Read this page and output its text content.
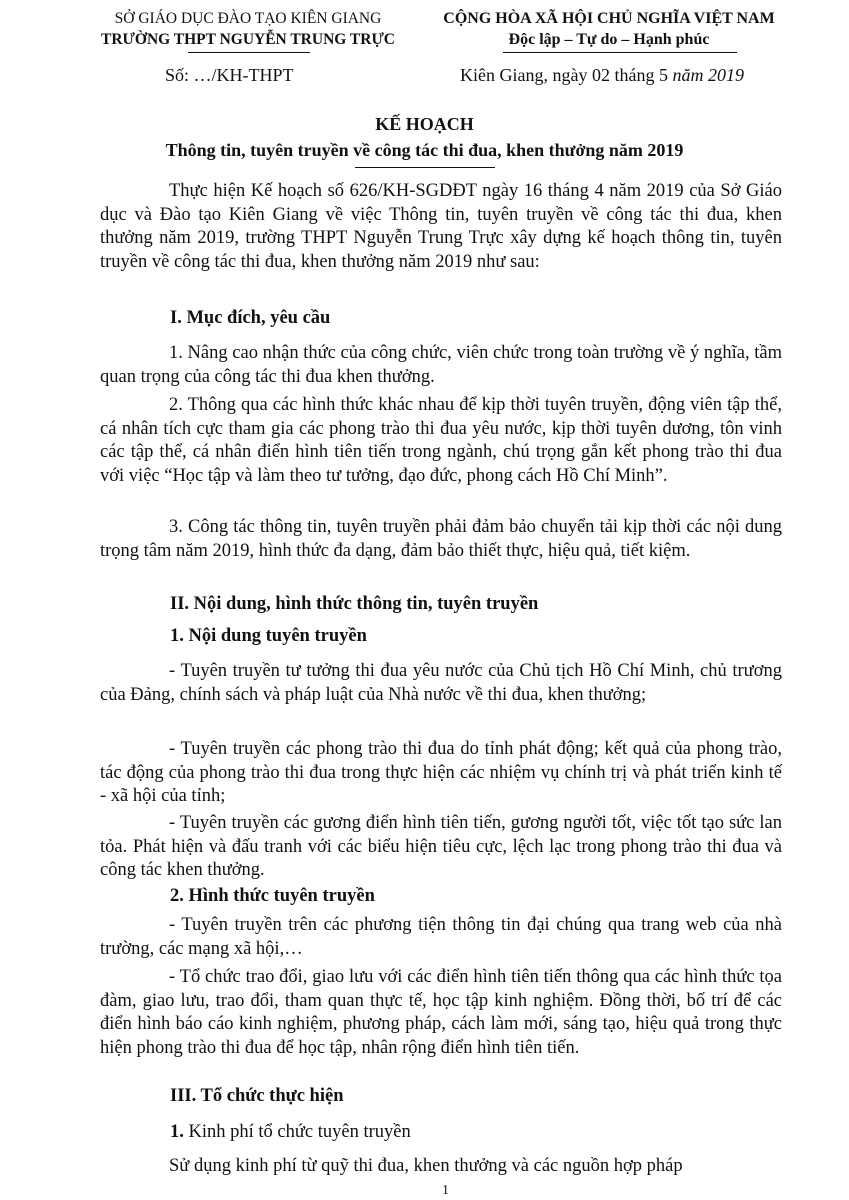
SỞ GIÁO DỤC ĐÀO TẠO KIÊN GIANG
TRƯỜNG THPT NGUYỄN TRUNG TRỰC
CỘNG HÒA XÃ HỘI CHỦ NGHĨA VIỆT NAM
Độc lập – Tự do – Hạnh phúc
Số: …/KH-THPT	Kiên Giang, ngày 02 tháng 5 năm 2019
KẾ HOẠCH
Thông tin, tuyên truyền về công tác thi đua, khen thưởng năm 2019
Thực hiện Kế hoạch số 626/KH-SGDĐT ngày 16 tháng 4 năm 2019 của Sở Giáo dục và Đào tạo Kiên Giang về việc Thông tin, tuyên truyền về công tác thi đua, khen thưởng năm 2019, trường THPT Nguyễn Trung Trực xây dựng kế hoạch thông tin, tuyên truyền về công tác thi đua, khen thưởng năm 2019 như sau:
I. Mục đích, yêu cầu
1. Nâng cao nhận thức của công chức, viên chức trong toàn trường về ý nghĩa, tầm quan trọng của công tác thi đua khen thưởng.
2. Thông qua các hình thức khác nhau để kịp thời tuyên truyền, động viên tập thể, cá nhân tích cực tham gia các phong trào thi đua yêu nước, kịp thời tuyên dương, tôn vinh các tập thể, cá nhân điển hình tiên tiến trong ngành, chú trọng gắn kết phong trào thi đua với việc “Học tập và làm theo tư tưởng, đạo đức, phong cách Hồ Chí Minh”.
3. Công tác thông tin, tuyên truyền phải đảm bảo chuyển tải kịp thời các nội dung trọng tâm năm 2019, hình thức đa dạng, đảm bảo thiết thực, hiệu quả, tiết kiệm.
II. Nội dung, hình thức thông tin, tuyên truyền
1. Nội dung tuyên truyền
- Tuyên truyền tư tưởng thi đua yêu nước của Chủ tịch Hồ Chí Minh, chủ trương của Đảng, chính sách và pháp luật của Nhà nước về thi đua, khen thưởng;
- Tuyên truyền các phong trào thi đua do tỉnh phát động; kết quả của phong trào, tác động của phong trào thi đua trong thực hiện các nhiệm vụ chính trị và phát triển kinh tế - xã hội của tỉnh;
- Tuyên truyền các gương điển hình tiên tiến, gương người tốt, việc tốt tạo sức lan tỏa. Phát hiện và đấu tranh với các biểu hiện tiêu cực, lệch lạc trong phong trào thi đua và công tác khen thưởng.
2. Hình thức tuyên truyền
- Tuyên truyền trên các phương tiện thông tin đại chúng qua trang web của nhà trường, các mạng xã hội,…
- Tổ chức trao đổi, giao lưu với các điển hình tiên tiến thông qua các hình thức tọa đàm, giao lưu, trao đổi, tham quan thực tế, học tập kinh nghiệm. Đồng thời, bố trí để các điển hình báo cáo kinh nghiệm, phương pháp, cách làm mới, sáng tạo, hiệu quả trong thực hiện phong trào thi đua để học tập, nhân rộng điển hình tiên tiến.
III. Tổ chức thực hiện
1. Kinh phí tổ chức tuyên truyền
Sử dụng kinh phí từ quỹ thi đua, khen thưởng và các nguồn hợp pháp
1
